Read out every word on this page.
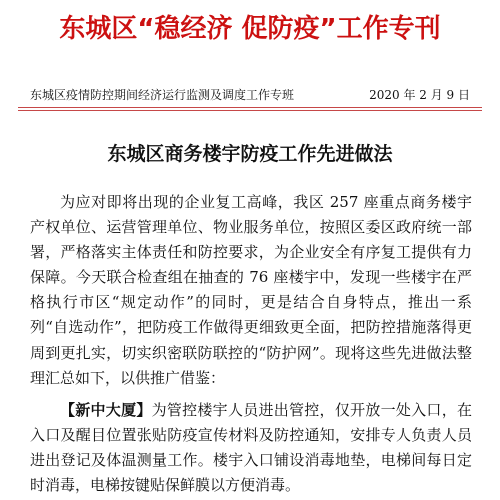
东城区“稳经济 促防疫”工作专刊
东城区疫情防控期间经济运行监测及调度工作专班	2020 年 2 月 9 日
东城区商务楼宇防疫工作先进做法

为应对即将出现的企业复工高峰，我区 257 座重点商务楼宇产权单位、运营管理单位、物业服务单位，按照区委区政府统一部署，严格落实主体责任和防控要求，为企业安全有序复工提供有力保障。今天联合检查组在抽查的 76 座楼宇中，发现一些楼宇在严格执行市区“规定动作”的同时，更是结合自身特点，推出一系列“自选动作”，把防疫工作做得更细致更全面，把防控措施落得更周到更扎实，切实织密联防联控的“防护网”。现将这些先进做法整理汇总如下，以供推广借鉴：

【新中大厦】为管控楼宇人员进出管控，仅开放一处入口，在入口及醒目位置张贴防疫宣传材料及防控通知，安排专人负责人员进出登记及体温测量工作。楼宇入口铺设消毒地垫，电梯间每日定时消毒，电梯按键贴保鲜膜以方便消毒。
